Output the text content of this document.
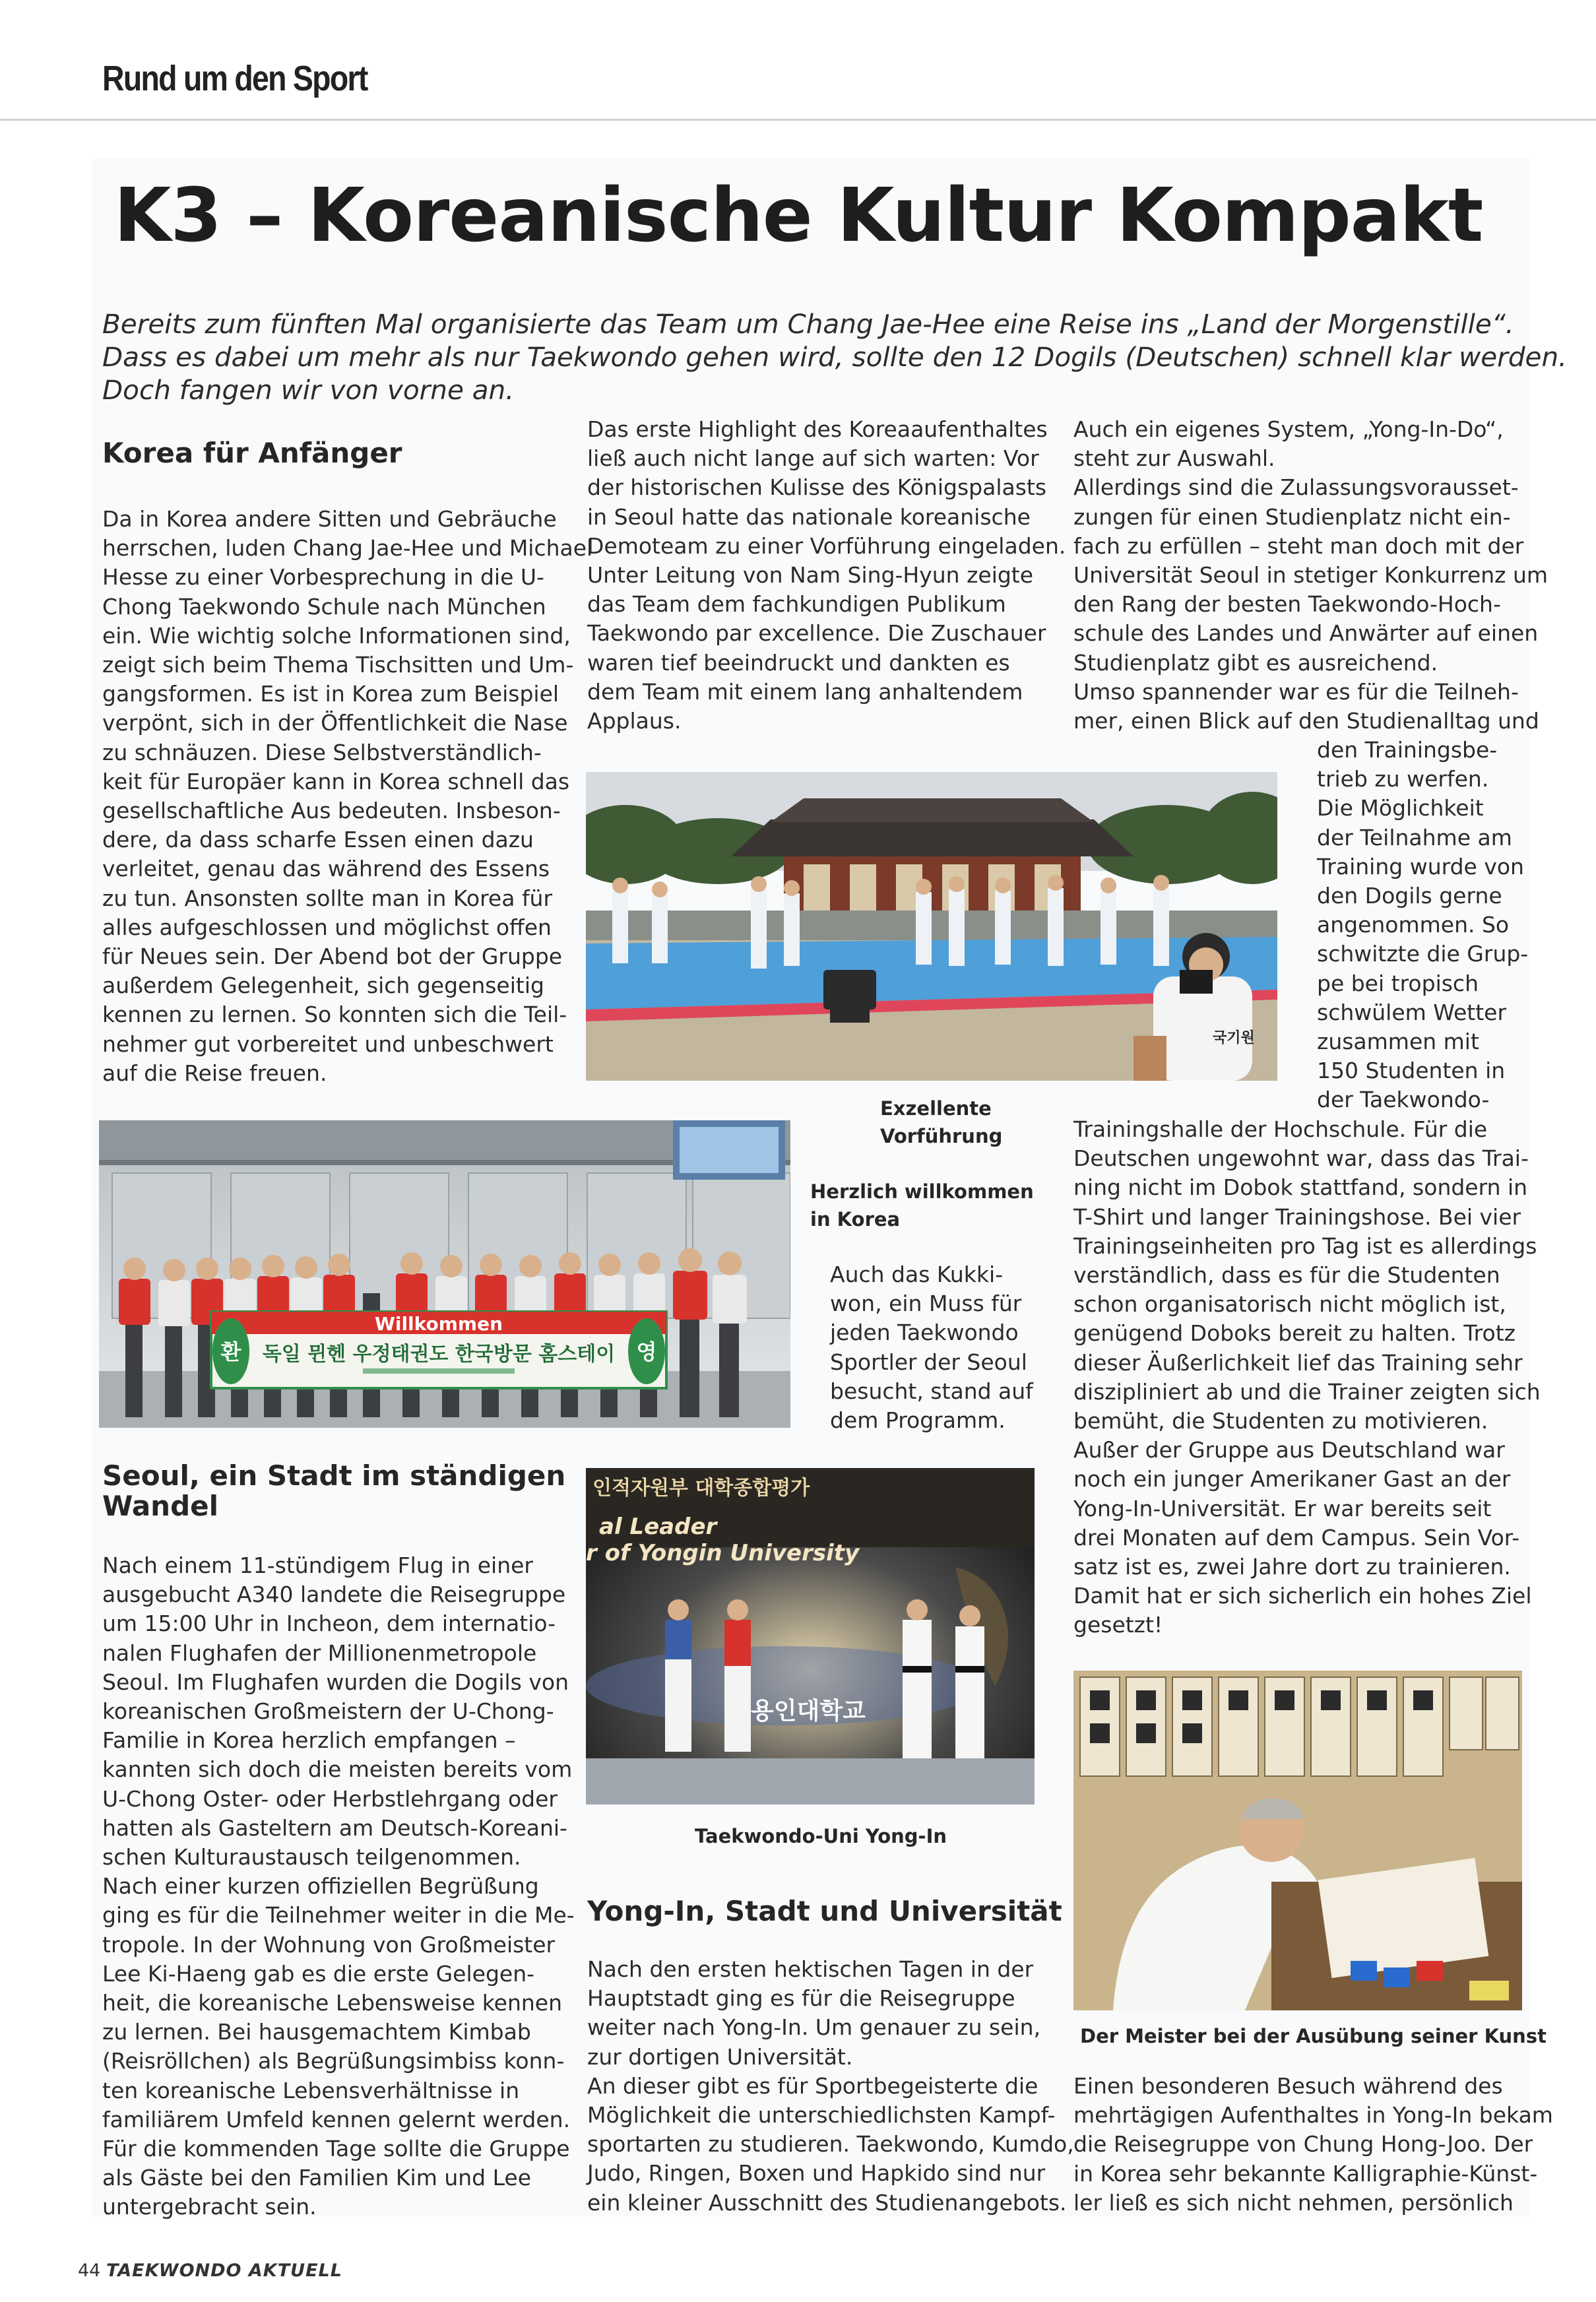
Rund um den Sport
K3 – Koreanische Kultur Kompakt

Bereits zum fünften Mal organisierte das Team um Chang Jae-Hee eine Reise ins „Land der Morgenstille“.

Dass es dabei um mehr als nur Taekwondo gehen wird, sollte den 12 Dogils (Deutschen) schnell klar werden.

Doch fangen wir von vorne an.

Korea für Anfänger

Da in Korea andere Sitten und Gebräuche

herrschen, luden Chang Jae-Hee und Michael

Hesse zu einer Vorbesprechung in die U-

Chong Taekwondo Schule nach München

ein. Wie wichtig solche Informationen sind,

zeigt sich beim Thema Tischsitten und Um-

gangsformen. Es ist in Korea zum Beispiel

verpönt, sich in der Öffentlichkeit die Nase

zu schnäuzen. Diese Selbstverständlich-

keit für Europäer kann in Korea schnell das

gesellschaftliche Aus bedeuten. Insbeson-

dere, da dass scharfe Essen einen dazu

verleitet, genau das während des Essens

zu tun. Ansonsten sollte man in Korea für

alles aufgeschlossen und möglichst offen

für Neues sein. Der Abend bot der Gruppe

außerdem Gelegenheit, sich gegenseitig

kennen zu lernen. So konnten sich die Teil-

nehmer gut vorbereitet und unbeschwert

auf die Reise freuen.

Willkommen
환	영
독일 뮌헨 우정태권도 한국방문 홈스테이
Seoul, ein Stadt im ständigen
Wandel

Nach einem 11-stündigem Flug in einer

ausgebucht A340 landete die Reisegruppe

um 15:00 Uhr in Incheon, dem internatio-

nalen Flughafen der Millionenmetropole

Seoul. Im Flughafen wurden die Dogils von

koreanischen Großmeistern der U-Chong-

Familie in Korea herzlich empfangen –

kannten sich doch die meisten bereits vom

U-Chong Oster- oder Herbstlehrgang oder

hatten als Gasteltern am Deutsch-Koreani-

schen Kulturaustausch teilgenommen.

Nach einer kurzen offiziellen Begrüßung

ging es für die Teilnehmer weiter in die Me-

tropole. In der Wohnung von Großmeister

Lee Ki-Haeng gab es die erste Gelegen-

heit, die koreanische Lebensweise kennen

zu lernen. Bei hausgemachtem Kimbab

(Reisröllchen) als Begrüßungsimbiss konn-

ten koreanische Lebensverhältnisse in

familiärem Umfeld kennen gelernt werden.

Für die kommenden Tage sollte die Gruppe

als Gäste bei den Familien Kim und Lee

untergebracht sein.

Das erste Highlight des Koreaaufenthaltes

ließ auch nicht lange auf sich warten: Vor

der historischen Kulisse des Königspalasts

in Seoul hatte das nationale koreanische

Demoteam zu einer Vorführung eingeladen.

Unter Leitung von Nam Sing-Hyun zeigte

das Team dem fachkundigen Publikum

Taekwondo par excellence. Die Zuschauer

waren tief beeindruckt und dankten es

dem Team mit einem lang anhaltendem

Applaus.

국기원

Exzellente

Vorführung

Herzlich willkommen

in Korea

Auch das Kukki-

won, ein Muss für

jeden Taekwondo

Sportler der Seoul

besucht, stand auf

dem Programm.

인적자원부 대학종합평가
al Leader
r of Yongin University
용인대학교
Taekwondo-Uni Yong-In
Yong-In, Stadt und Universität

Nach den ersten hektischen Tagen in der

Hauptstadt ging es für die Reisegruppe

weiter nach Yong-In. Um genauer zu sein,

zur dortigen Universität.

An dieser gibt es für Sportbegeisterte die

Möglichkeit die unterschiedlichsten Kampf-

sportarten zu studieren. Taekwondo, Kumdo,

Judo, Ringen, Boxen und Hapkido sind nur

ein kleiner Ausschnitt des Studienangebots.

Auch ein eigenes System, „Yong-In-Do“,

steht zur Auswahl.

Allerdings sind die Zulassungsvorausset-

zungen für einen Studienplatz nicht ein-

fach zu erfüllen – steht man doch mit der

Universität Seoul in stetiger Konkurrenz um

den Rang der besten Taekwondo-Hoch-

schule des Landes und Anwärter auf einen

Studienplatz gibt es ausreichend.

Umso spannender war es für die Teilneh-

mer, einen Blick auf den Studienalltag und

den Trainingsbe-

trieb zu werfen.

Die Möglichkeit

der Teilnahme am

Training wurde von

den Dogils gerne

angenommen. So

schwitzte die Grup-

pe bei tropisch

schwülem Wetter

zusammen mit

150 Studenten in

der Taekwondo-

Trainingshalle der Hochschule. Für die

Deutschen ungewohnt war, dass das Trai-

ning nicht im Dobok stattfand, sondern in

T-Shirt und langer Trainingshose. Bei vier

Trainingseinheiten pro Tag ist es allerdings

verständlich, dass es für die Studenten

schon organisatorisch nicht möglich ist,

genügend Doboks bereit zu halten. Trotz

dieser Äußerlichkeit lief das Training sehr

diszipliniert ab und die Trainer zeigten sich

bemüht, die Studenten zu motivieren.

Außer der Gruppe aus Deutschland war

noch ein junger Amerikaner Gast an der

Yong-In-Universität. Er war bereits seit

drei Monaten auf dem Campus. Sein Vor-

satz ist es, zwei Jahre dort zu trainieren.

Damit hat er sich sicherlich ein hohes Ziel

gesetzt!

Der Meister bei der Ausübung seiner Kunst

Einen besonderen Besuch während des

mehrtägigen Aufenthaltes in Yong-In bekam

die Reisegruppe von Chung Hong-Joo. Der

in Korea sehr bekannte Kalligraphie-Künst-

ler ließ es sich nicht nehmen, persönlich

44 TAEKWONDO AKTUELL
